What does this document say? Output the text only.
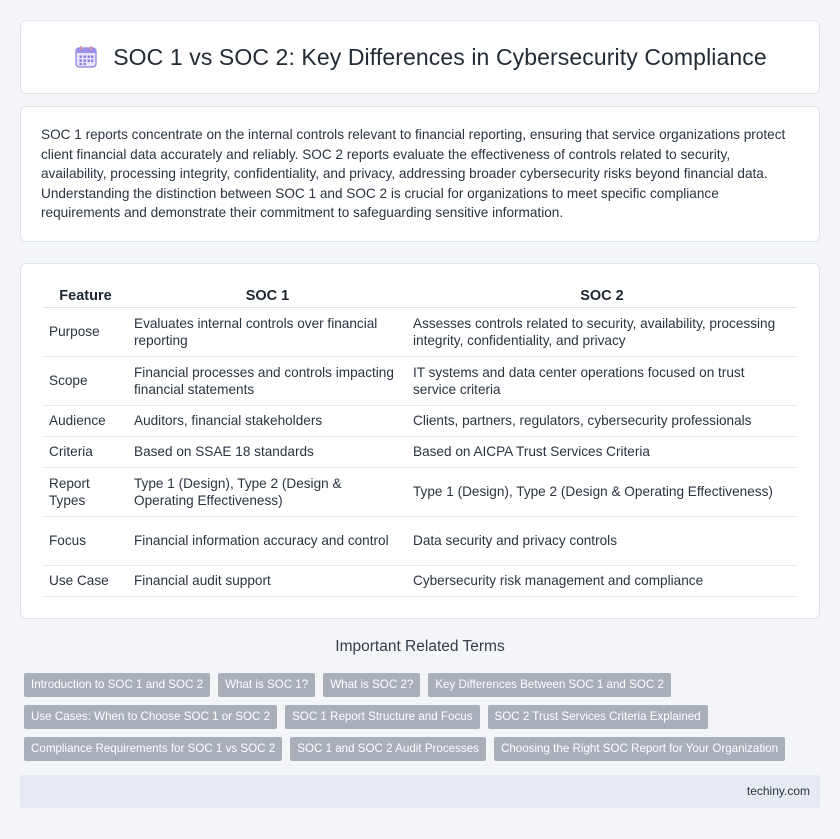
SOC 1 vs SOC 2: Key Differences in Cybersecurity Compliance

SOC 1 reports concentrate on the internal controls relevant to financial reporting, ensuring that service organizations protect client financial data accurately and reliably. SOC 2 reports evaluate the effectiveness of controls related to security, availability, processing integrity, confidentiality, and privacy, addressing broader cybersecurity risks beyond financial data. Understanding the distinction between SOC 1 and SOC 2 is crucial for organizations to meet specific compliance requirements and demonstrate their commitment to safeguarding sensitive information.

Feature	SOC 1	SOC 2
Purpose	Evaluates internal controls over financial reporting	Assesses controls related to security, availability, processing integrity, confidentiality, and privacy
Scope	Financial processes and controls impacting financial statements	IT systems and data center operations focused on trust service criteria
Audience	Auditors, financial stakeholders	Clients, partners, regulators, cybersecurity professionals
Criteria	Based on SSAE 18 standards	Based on AICPA Trust Services Criteria
Report Types	Type 1 (Design), Type 2 (Design & Operating Effectiveness)	Type 1 (Design), Type 2 (Design & Operating Effectiveness)
Focus	Financial information accuracy and control	Data security and privacy controls
Use Case	Financial audit support	Cybersecurity risk management and compliance
Important Related Terms
Introduction to SOC 1 and SOC 2	What is SOC 1?	What is SOC 2?	Key Differences Between SOC 1 and SOC 2
Use Cases: When to Choose SOC 1 or SOC 2	SOC 1 Report Structure and Focus	SOC 2 Trust Services Criteria Explained
Compliance Requirements for SOC 1 vs SOC 2	SOC 1 and SOC 2 Audit Processes	Choosing the Right SOC Report for Your Organization
techiny.com
